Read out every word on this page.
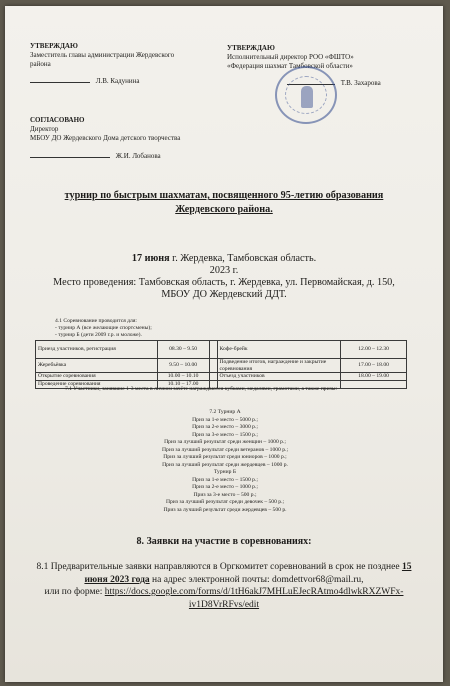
УТВЕРЖДАЮ
Заместитель главы администрации Жердевского
района
Л.В. Кадунина
УТВЕРЖДАЮ
Исполнительный директор РОО «ФШТО»
«Федерация шахмат Тамбовской области»
Т.В. Захарова
СОГЛАСОВАНО
Директор
МБОУ ДО Жердевского Дома детского творчества
Ж.И. Лобанова
турнир по быстрым шахматам, посвященного 95-летию образования
Жердевского района.
17 июня г. Жердевка, Тамбовская область.
2023 г.
Место проведения: Тамбовская область, г. Жердевка, ул. Первомайская, д. 150,
МБОУ ДО Жердевский ДДТ.
4.1 Соревнование проводится для:
- турнир А (все желающие спортсмены);
- турнир Б (дети 2009 г.р. и моложе).
Приезд участников, регистрация	08.30 – 9.50		Кофе-брейк	12.00 – 12.30
Жеребьёвка	9.50 – 10.00		Подведение итогов, награждение и закрытие соревнования	17.00 – 18.00
Открытие соревнования	10.00 – 10.10		Отъезд участников	18.00 – 19.00
Проведение соревнования	10.10 – 17.00			
7.1 Участники, занявшие 1-3 места в личном зачёте награждаются кубками, медалями, грамотами, а также призы:
7.2 Турнир А
Приз за 1-е место – 5000 р.;
Приз за 2-е место – 3000 р.;
Приз за 3-е место – 1500 р.;
Приз за лучший результат среди женщин – 1000 р.;
Приз за лучший результат среди ветеранов – 1000 р.;
Приз за лучший результат среди юниоров – 1000 р.;
Приз за лучший результат среди жердевцев – 1000 р.
Турнир Б
Приз за 1-е место – 1500 р.;
Приз за 2-е место – 1000 р.;
Приз за 3-е место – 500 р.;
Приз за лучший результат среди девочек – 500 р.;
Приз за лучший результат среди жердевцев – 500 р.
8. Заявки на участие в соревнованиях:
8.1 Предварительные заявки направляются в Оргкомитет соревнований в срок не позднее 15
июня 2023 года на адрес электронной почты: domdettvor68@mail.ru,
или по форме: https://docs.google.com/forms/d/1tH6akJ7MHLuEJecRAtmo4dlwkRXZWFx-
iv1D8VrRFvs/edit
